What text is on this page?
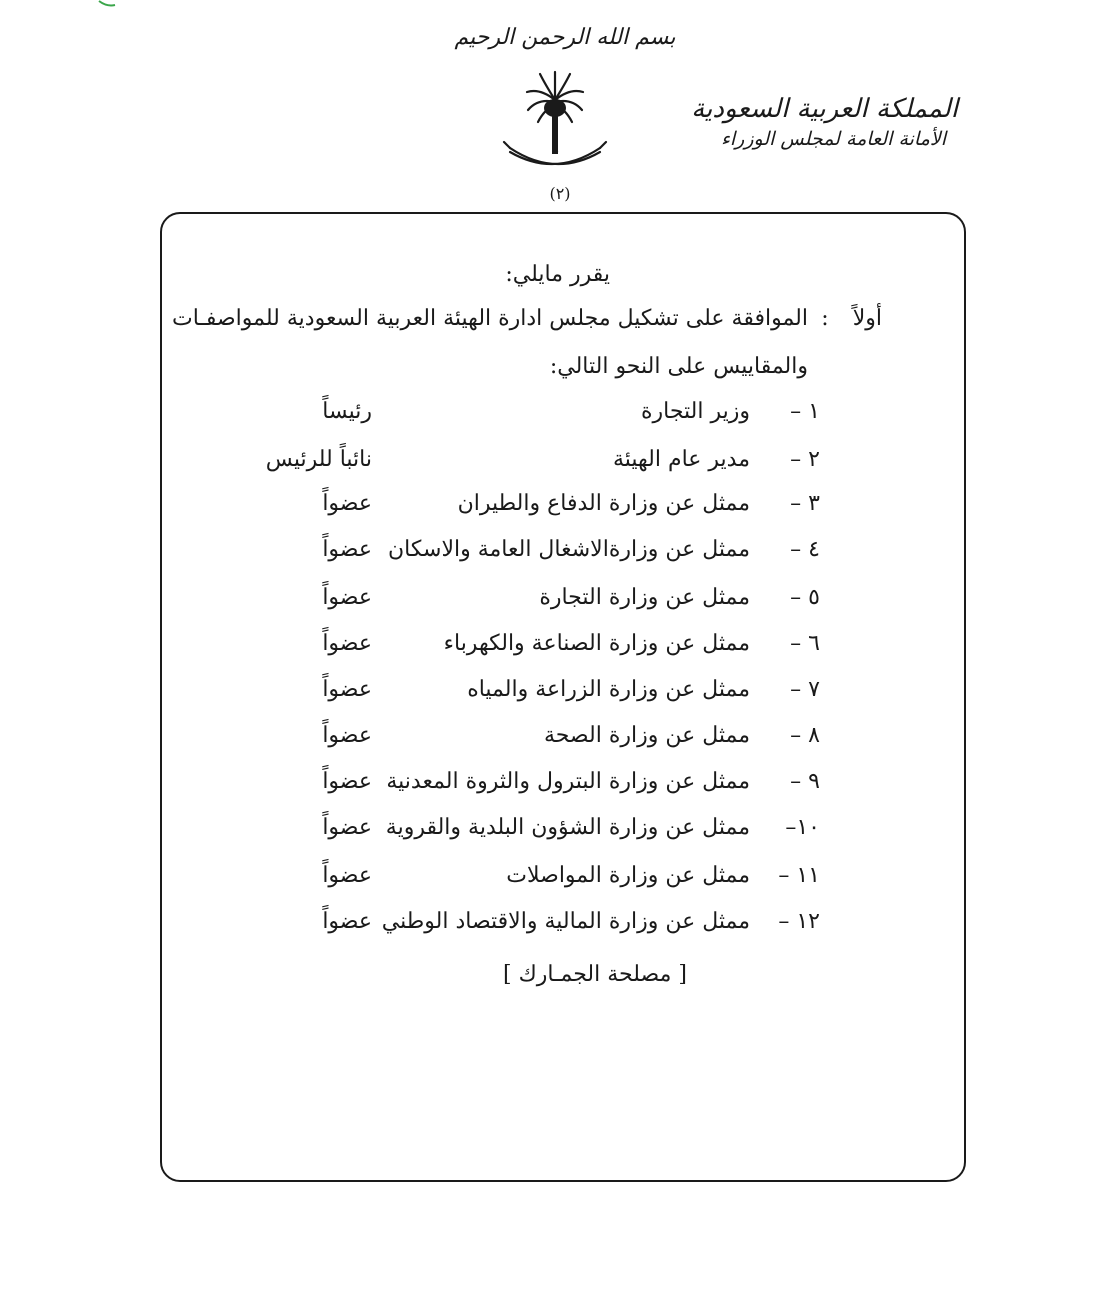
بسم الله الرحمن الرحيم
(٢)
المملكة العربية السعودية
الأمانة العامة لمجلس الوزراء
يقرر مايلي:
أولاً
:
الموافقة على تشكيل مجلس ادارة الهيئة العربية السعودية للمواصفـات
والمقاييس على النحو التالي:
١ –
وزير التجارة
رئيساً
٢ –
مدير عام الهيئة
نائباً للرئيس
٣ –
ممثل عن وزارة الدفاع والطيران
عضواً
٤ –
ممثل عن وزارةالاشغال العامة والاسكان
عضواً
٥ –
ممثل عن وزارة التجارة
عضواً
٦ –
ممثل عن وزارة الصناعة والكهرباء
عضواً
٧ –
ممثل عن وزارة الزراعة والمياه
عضواً
٨ –
ممثل عن وزارة الصحة
عضواً
٩ –
ممثل عن وزارة البترول والثروة المعدنية
عضواً
١٠–
ممثل عن وزارة الشؤون البلدية والقروية
عضواً
١١ –
ممثل عن وزارة المواصلات
عضواً
١٢ –
ممثل عن وزارة المالية والاقتصاد الوطني
عضواً
[ مصلحة الجمـارك ]
